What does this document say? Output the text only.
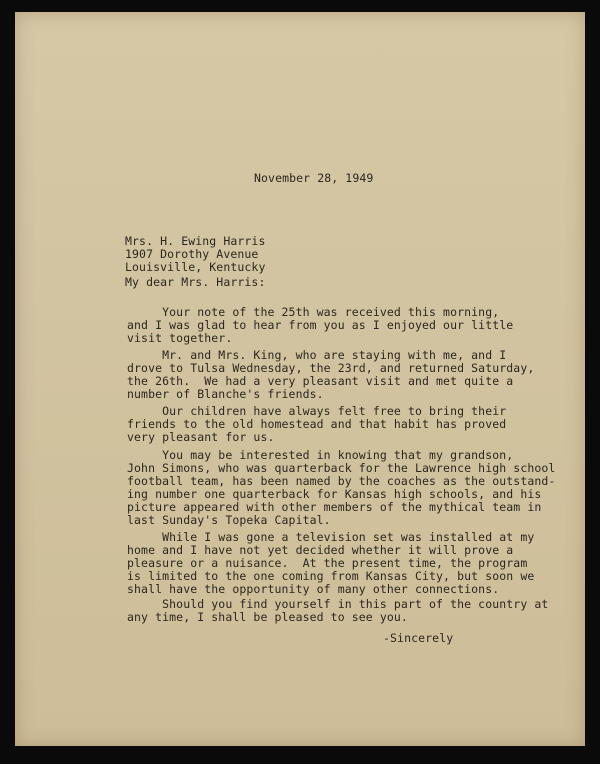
November 28, 1949

Mrs. H. Ewing Harris
1907 Dorothy Avenue
Louisville, Kentucky

My dear Mrs. Harris:

Your note of the 25th was received this morning,
and I was glad to hear from you as I enjoyed our little
visit together.

Mr. and Mrs. King, who are staying with me, and I
drove to Tulsa Wednesday, the 23rd, and returned Saturday,
the 26th.  We had a very pleasant visit and met quite a
number of Blanche's friends.

Our children have always felt free to bring their
friends to the old homestead and that habit has proved
very pleasant for us.

You may be interested in knowing that my grandson,
John Simons, who was quarterback for the Lawrence high school
football team, has been named by the coaches as the outstand-
ing number one quarterback for Kansas high schools, and his
picture appeared with other members of the mythical team in
last Sunday's Topeka Capital.

While I was gone a television set was installed at my
home and I have not yet decided whether it will prove a
pleasure or a nuisance.  At the present time, the program
is limited to the one coming from Kansas City, but soon we
shall have the opportunity of many other connections.

Should you find yourself in this part of the country at
any time, I shall be pleased to see you.

-Sincerely
